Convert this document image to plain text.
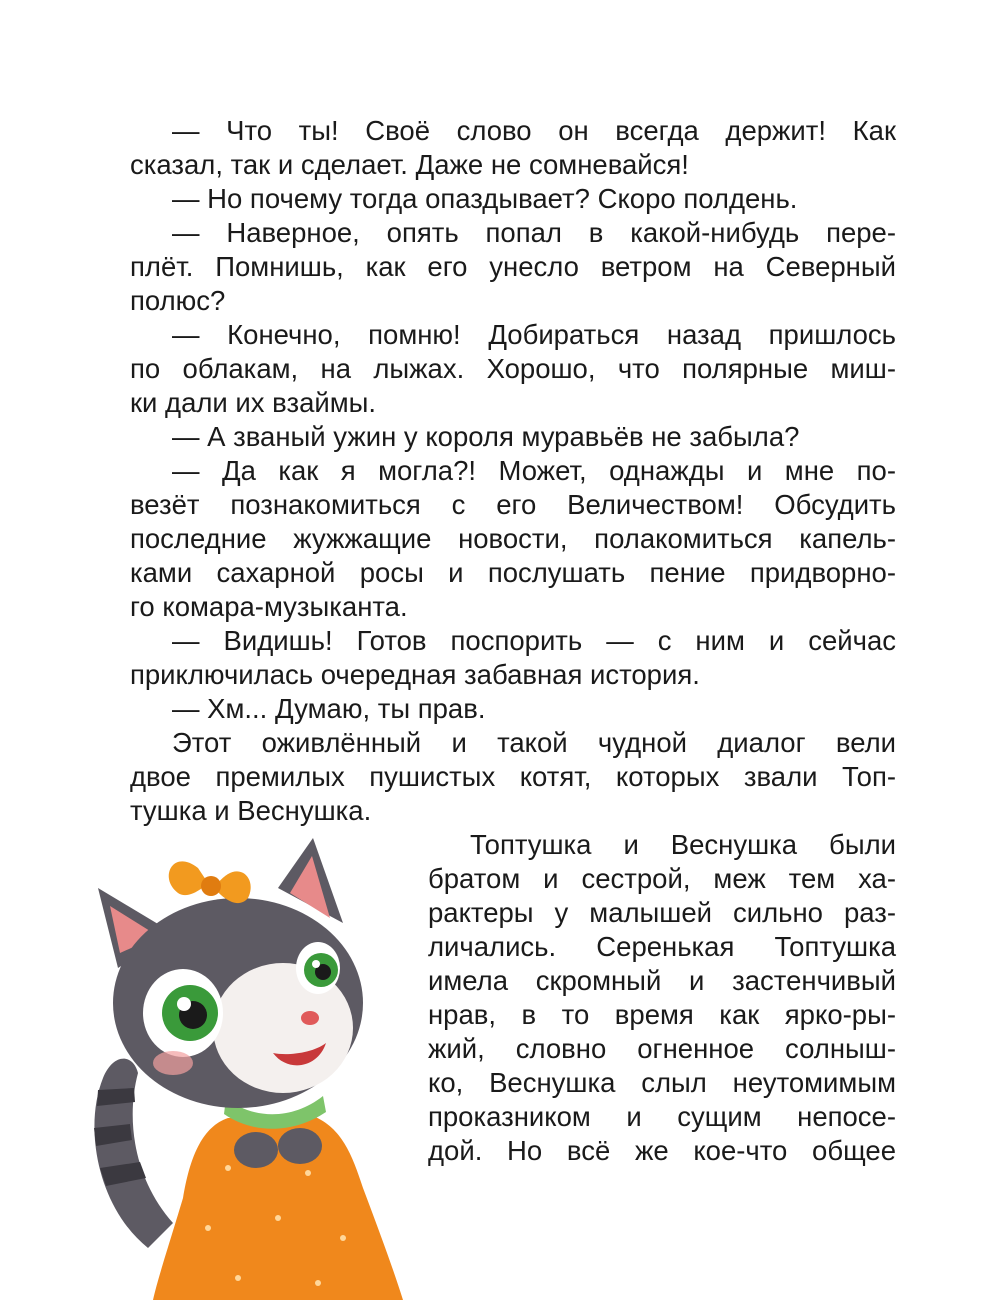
— Что ты! Своё слово он всегда держит! Как
сказал, так и сделает. Даже не сомневайся!
— Но почему тогда опаздывает? Скоро полдень.
— Наверное, опять попал в какой-нибудь пере-
плёт. Помнишь, как его унесло ветром на Северный
полюс?
— Конечно, помню! Добираться назад пришлось
по облакам, на лыжах. Хорошо, что полярные миш-
ки дали их взаймы.
— А званый ужин у короля муравьёв не забыла?
— Да как я могла?! Может, однажды и мне по-
везёт познакомиться с его Величеством! Обсудить
последние жужжащие новости, полакомиться капель-
ками сахарной росы и послушать пение придворно-
го комара-музыканта.
— Видишь! Готов поспорить — с ним и сейчас
приключилась очередная забавная история.
— Хм... Думаю, ты прав.
Этот оживлённый и такой чудной диалог вели
двое премилых пушистых котят, которых звали Топ-
тушка и Веснушка.
Топтушка и Веснушка были
братом и сестрой, меж тем ха-
рактеры у малышей сильно раз-
личались. Серенькая Топтушка
имела скромный и застенчивый
нрав, в то время как ярко-ры-
жий, словно огненное солныш-
ко, Веснушка слыл неутомимым
проказником и сущим непосе-
дой. Но всё же кое-что общее
